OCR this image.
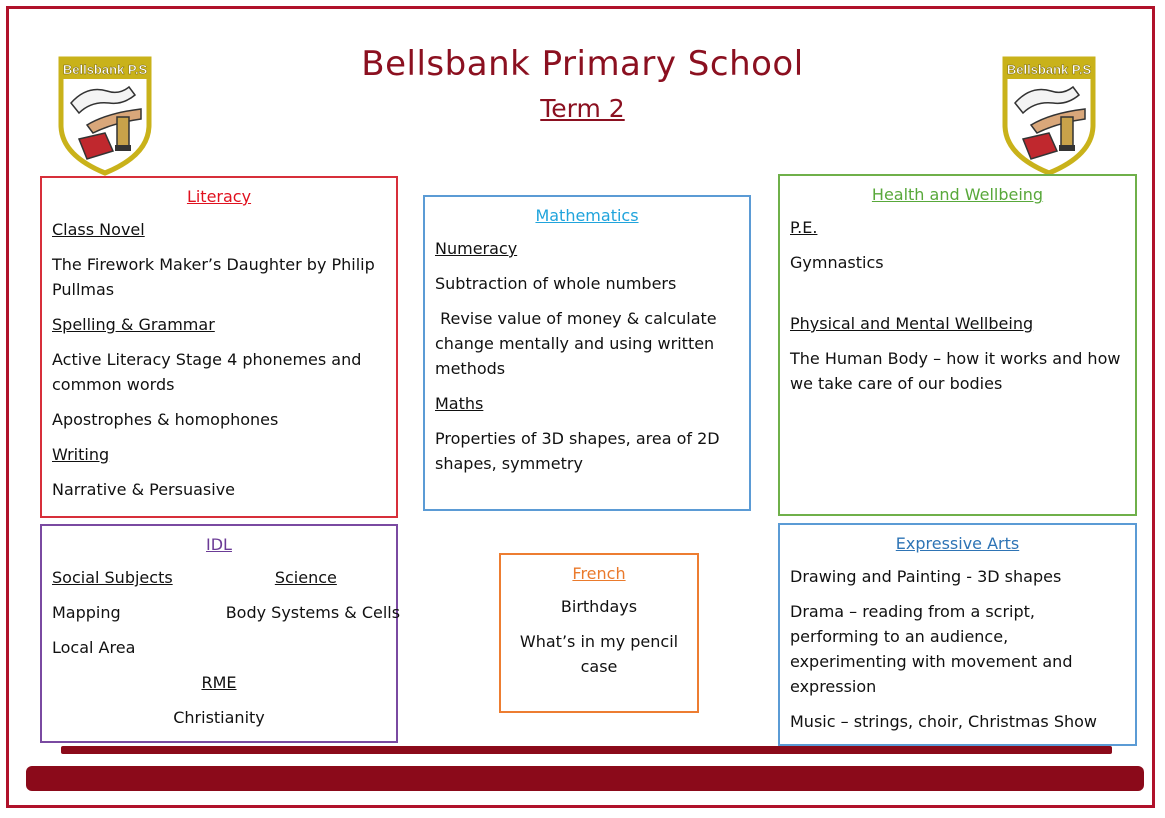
Bellsbank P.S	Bellsbank P.S
Bellsbank Primary School
Term 2
Literacy
Class Novel
The Firework Maker’s Daughter by Philip Pullmas
Spelling & Grammar
Active Literacy Stage 4 phonemes and common words
Apostrophes & homophones
Writing
Narrative & Persuasive
Mathematics
Numeracy
Subtraction of whole numbers
Revise value of money & calculate change mentally and using written methods
Maths
Properties of 3D shapes, area of 2D shapes, symmetry
Health and Wellbeing
P.E.
Gymnastics
Physical and Mental Wellbeing
The Human Body – how it works and how we take care of our bodies
IDL
Social Subjects	Science
Mapping	Body Systems & Cells
Local Area
RME
Christianity
French
Birthdays
What’s in my pencil case
Expressive Arts
Drawing and Painting - 3D shapes
Drama – reading from a script, performing to an audience, experimenting with movement and expression
Music – strings, choir, Christmas Show
